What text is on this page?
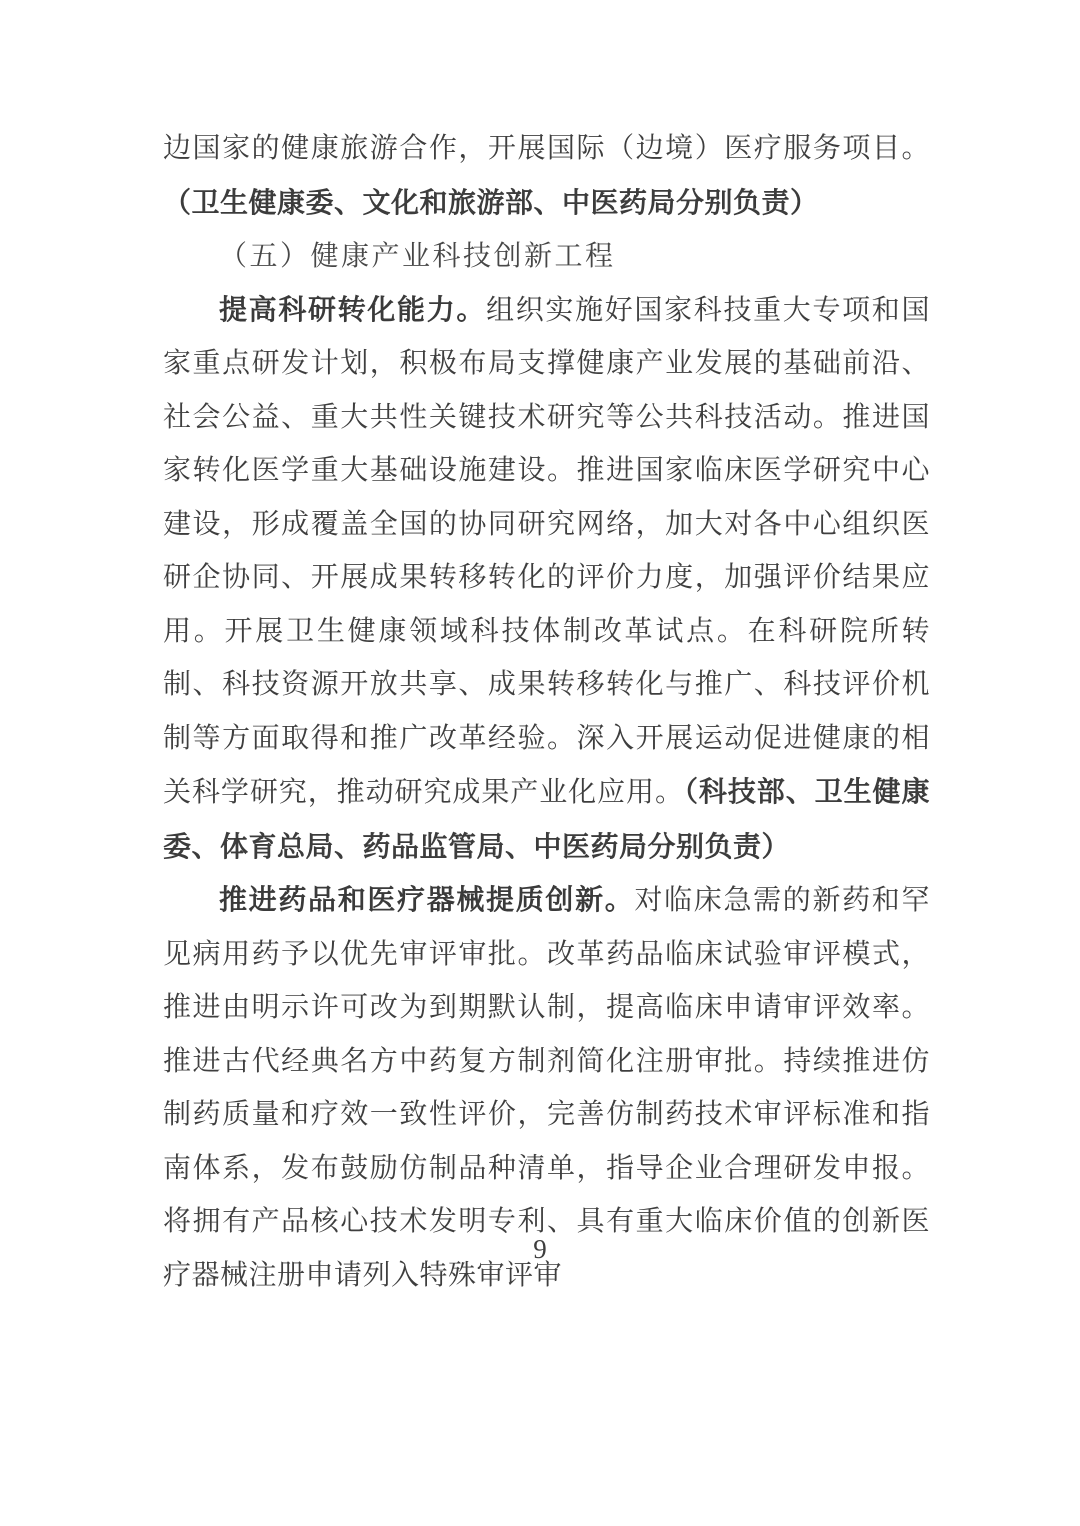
边国家的健康旅游合作，开展国际（边境）医疗服务项目。（卫生健康委、文化和旅游部、中医药局分别负责）

（五）健康产业科技创新工程

提高科研转化能力。组织实施好国家科技重大专项和国家重点研发计划，积极布局支撑健康产业发展的基础前沿、社会公益、重大共性关键技术研究等公共科技活动。推进国家转化医学重大基础设施建设。推进国家临床医学研究中心建设，形成覆盖全国的协同研究网络，加大对各中心组织医研企协同、开展成果转移转化的评价力度，加强评价结果应用。开展卫生健康领域科技体制改革试点。在科研院所转制、科技资源开放共享、成果转移转化与推广、科技评价机制等方面取得和推广改革经验。深入开展运动促进健康的相关科学研究，推动研究成果产业化应用。（科技部、卫生健康委、体育总局、药品监管局、中医药局分别负责）

推进药品和医疗器械提质创新。对临床急需的新药和罕见病用药予以优先审评审批。改革药品临床试验审评模式，推进由明示许可改为到期默认制，提高临床申请审评效率。推进古代经典名方中药复方制剂简化注册审批。持续推进仿制药质量和疗效一致性评价，完善仿制药技术审评标准和指南体系，发布鼓励仿制品种清单，指导企业合理研发申报。将拥有产品核心技术发明专利、具有重大临床价值的创新医疗器械注册申请列入特殊审评审

9
